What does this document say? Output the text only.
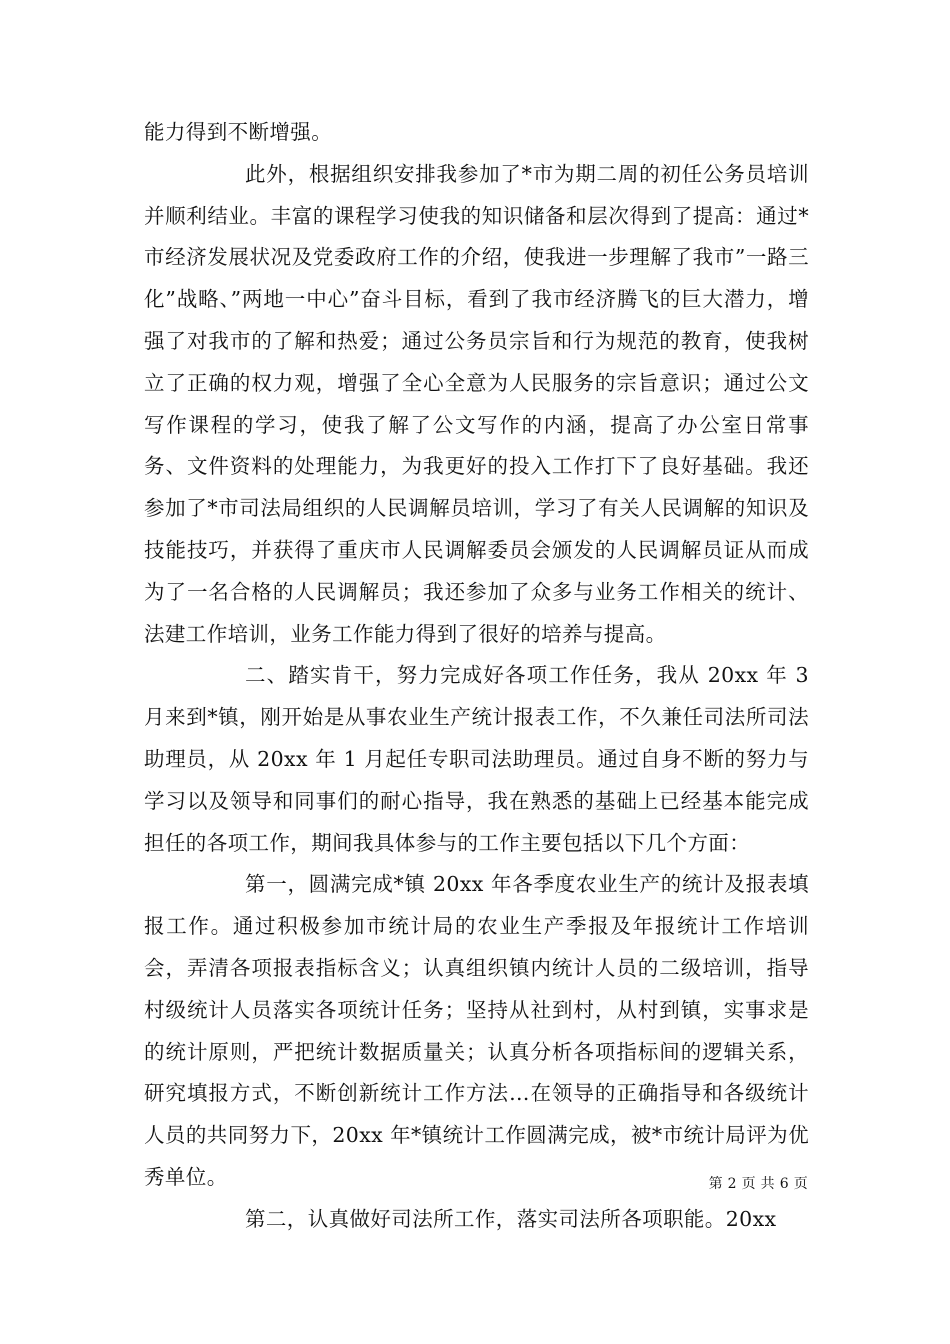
能力得到不断增强。

此外，根据组织安排我参加了*市为期二周的初任公务员培训并顺利结业。丰富的课程学习使我的知识储备和层次得到了提高：通过*市经济发展状况及党委政府工作的介绍，使我进一步理解了我市”一路三化”战略、”两地一中心”奋斗目标，看到了我市经济腾飞的巨大潜力，增强了对我市的了解和热爱；通过公务员宗旨和行为规范的教育，使我树立了正确的权力观，增强了全心全意为人民服务的宗旨意识；通过公文写作课程的学习，使我了解了公文写作的内涵，提高了办公室日常事务、文件资料的处理能力，为我更好的投入工作打下了良好基础。我还参加了*市司法局组织的人民调解员培训，学习了有关人民调解的知识及技能技巧，并获得了重庆市人民调解委员会颁发的人民调解员证从而成为了一名合格的人民调解员；我还参加了众多与业务工作相关的统计、法建工作培训，业务工作能力得到了很好的培养与提高。

二、踏实肯干，努力完成好各项工作任务，我从 20xx 年 3 月来到*镇，刚开始是从事农业生产统计报表工作，不久兼任司法所司法助理员，从 20xx 年 1 月起任专职司法助理员。通过自身不断的努力与学习以及领导和同事们的耐心指导，我在熟悉的基础上已经基本能完成担任的各项工作，期间我具体参与的工作主要包括以下几个方面：

第一，圆满完成*镇 20xx 年各季度农业生产的统计及报表填报工作。通过积极参加市统计局的农业生产季报及年报统计工作培训会，弄清各项报表指标含义；认真组织镇内统计人员的二级培训，指导村级统计人员落实各项统计任务；坚持从社到村，从村到镇，实事求是的统计原则，严把统计数据质量关；认真分析各项指标间的逻辑关系，研究填报方式，不断创新统计工作方法…在领导的正确指导和各级统计人员的共同努力下，20xx 年*镇统计工作圆满完成，被*市统计局评为优秀单位。

第二，认真做好司法所工作，落实司法所各项职能。20xx

第 2 页 共 6 页
